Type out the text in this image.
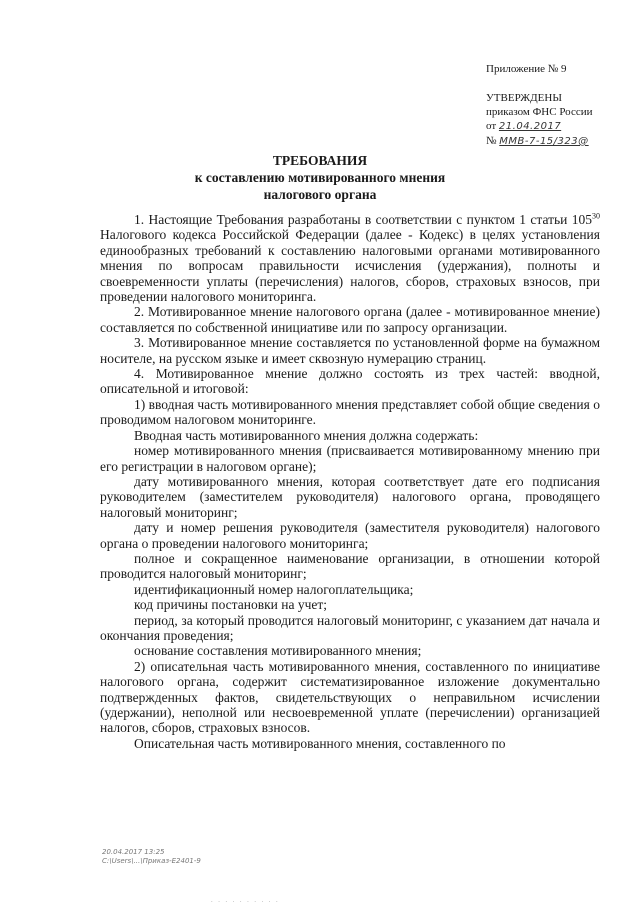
Приложение № 9
УТВЕРЖДЕНЫ
приказом ФНС России
от 21.04.2017
№ ММВ-7-15/323@
ТРЕБОВАНИЯ
к составлению мотивированного мнения
налогового органа

1. Настоящие Требования разработаны в соответствии с пунктом 1 статьи $105^{30}$ Налогового кодекса Российской Федерации (далее - Кодекс) в целях установления единообразных требований к составлению налоговыми органами мотивированного мнения по вопросам правильности исчисления (удержания), полноты и своевременности уплаты (перечисления) налогов, сборов, страховых взносов, при проведении налогового мониторинга.

2. Мотивированное мнение налогового органа (далее - мотивированное мнение) составляется по собственной инициативе или по запросу организации.

3. Мотивированное мнение составляется по установленной форме на бумажном носителе, на русском языке и имеет сквозную нумерацию страниц.

4. Мотивированное мнение должно состоять из трех частей: вводной, описательной и итоговой:

1) вводная часть мотивированного мнения представляет собой общие сведения о проводимом налоговом мониторинге.

Вводная часть мотивированного мнения должна содержать:

номер мотивированного мнения (присваивается мотивированному мнению при его регистрации в налоговом органе);

дату мотивированного мнения, которая соответствует дате его подписания руководителем (заместителем руководителя) налогового органа, проводящего налоговый мониторинг;

дату и номер решения руководителя (заместителя руководителя) налогового органа о проведении налогового мониторинга;

полное и сокращенное наименование организации, в отношении которой проводится налоговый мониторинг;

идентификационный номер налогоплательщика;

код причины постановки на учет;

период, за который проводится налоговый мониторинг, с указанием дат начала и окончания проведения;

основание составления мотивированного мнения;

2) описательная часть мотивированного мнения, составленного по инициативе налогового органа, содержит систематизированное изложение документально подтвержденных фактов, свидетельствующих о неправильном исчислении (удержании), неполной или несвоевременной уплате (перечислении) организацией налогов, сборов, страховых взносов.

Описательная часть мотивированного мнения, составленного по

20.04.2017 13:25
C:\Users\...\Приказ-E2401-9
. . . . . . . . . .
